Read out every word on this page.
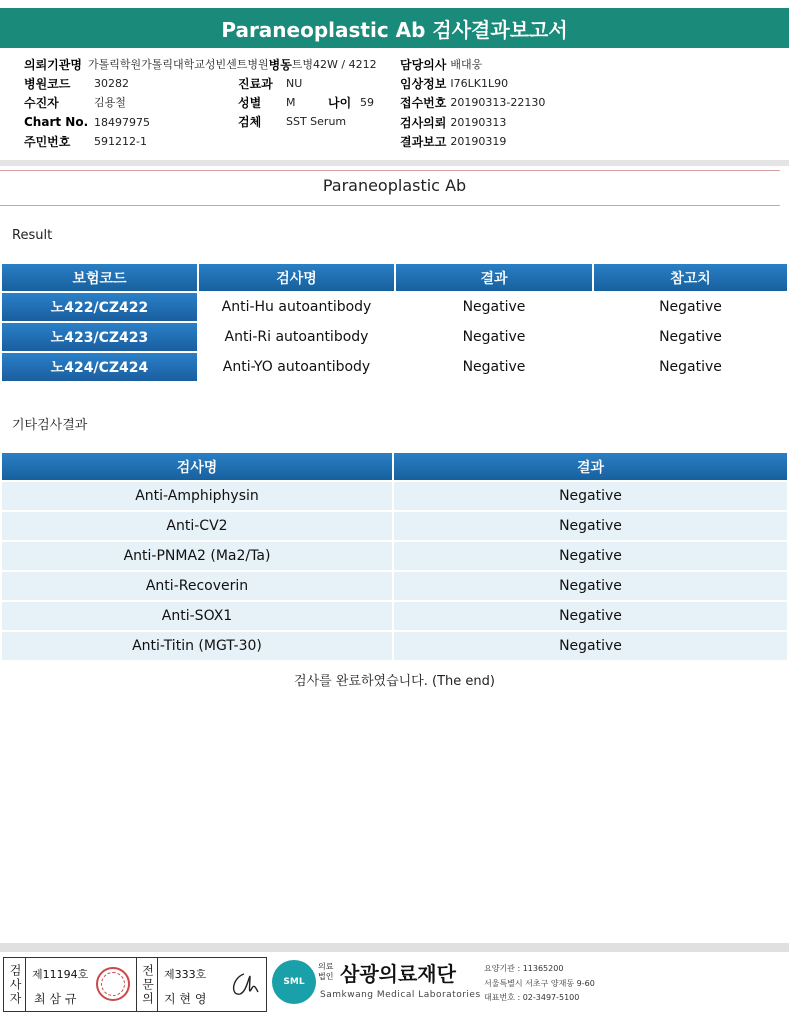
Paraneoplastic Ab 검사결과보고서
의뢰기관명 가톨릭학원가톨릭대학교성빈센트병원 병동 트병42W / 4212 담당의사 배대웅
병원코드	30282	진료과	NU	임상정보 I76LK1L90
수진자	김용철	성별	M	나이 59 접수번호 20190313-22130
Chart No. 18497975	검체	SST Serum	검사의뢰 20190313
주민번호	591212-1	결과보고 20190319
Paraneoplastic Ab
Result
보험코드	검사명	결과	참고치
노422/CZ422	Anti-Hu autoantibody	Negative	Negative
노423/CZ423	Anti-Ri autoantibody	Negative	Negative
노424/CZ424	Anti-YO autoantibody	Negative	Negative
기타검사결과
검사명	결과
Anti-Amphiphysin	Negative
Anti-CV2	Negative
Anti-PNMA2 (Ma2/Ta)	Negative
Anti-Recoverin	Negative
Anti-SOX1	Negative
Anti-Titin (MGT-30)	Negative
검사를 완료하였습니다. (The end)
검사자 제11194호
최 삼 규	전문의 제333호
지 현 영
SML
의료법인 삼광의료재단
Samkwang Medical Laboratories
요양기관 : 11365200
서울특별시 서초구 양재동 9-60
대표번호 : 02-3497-5100
